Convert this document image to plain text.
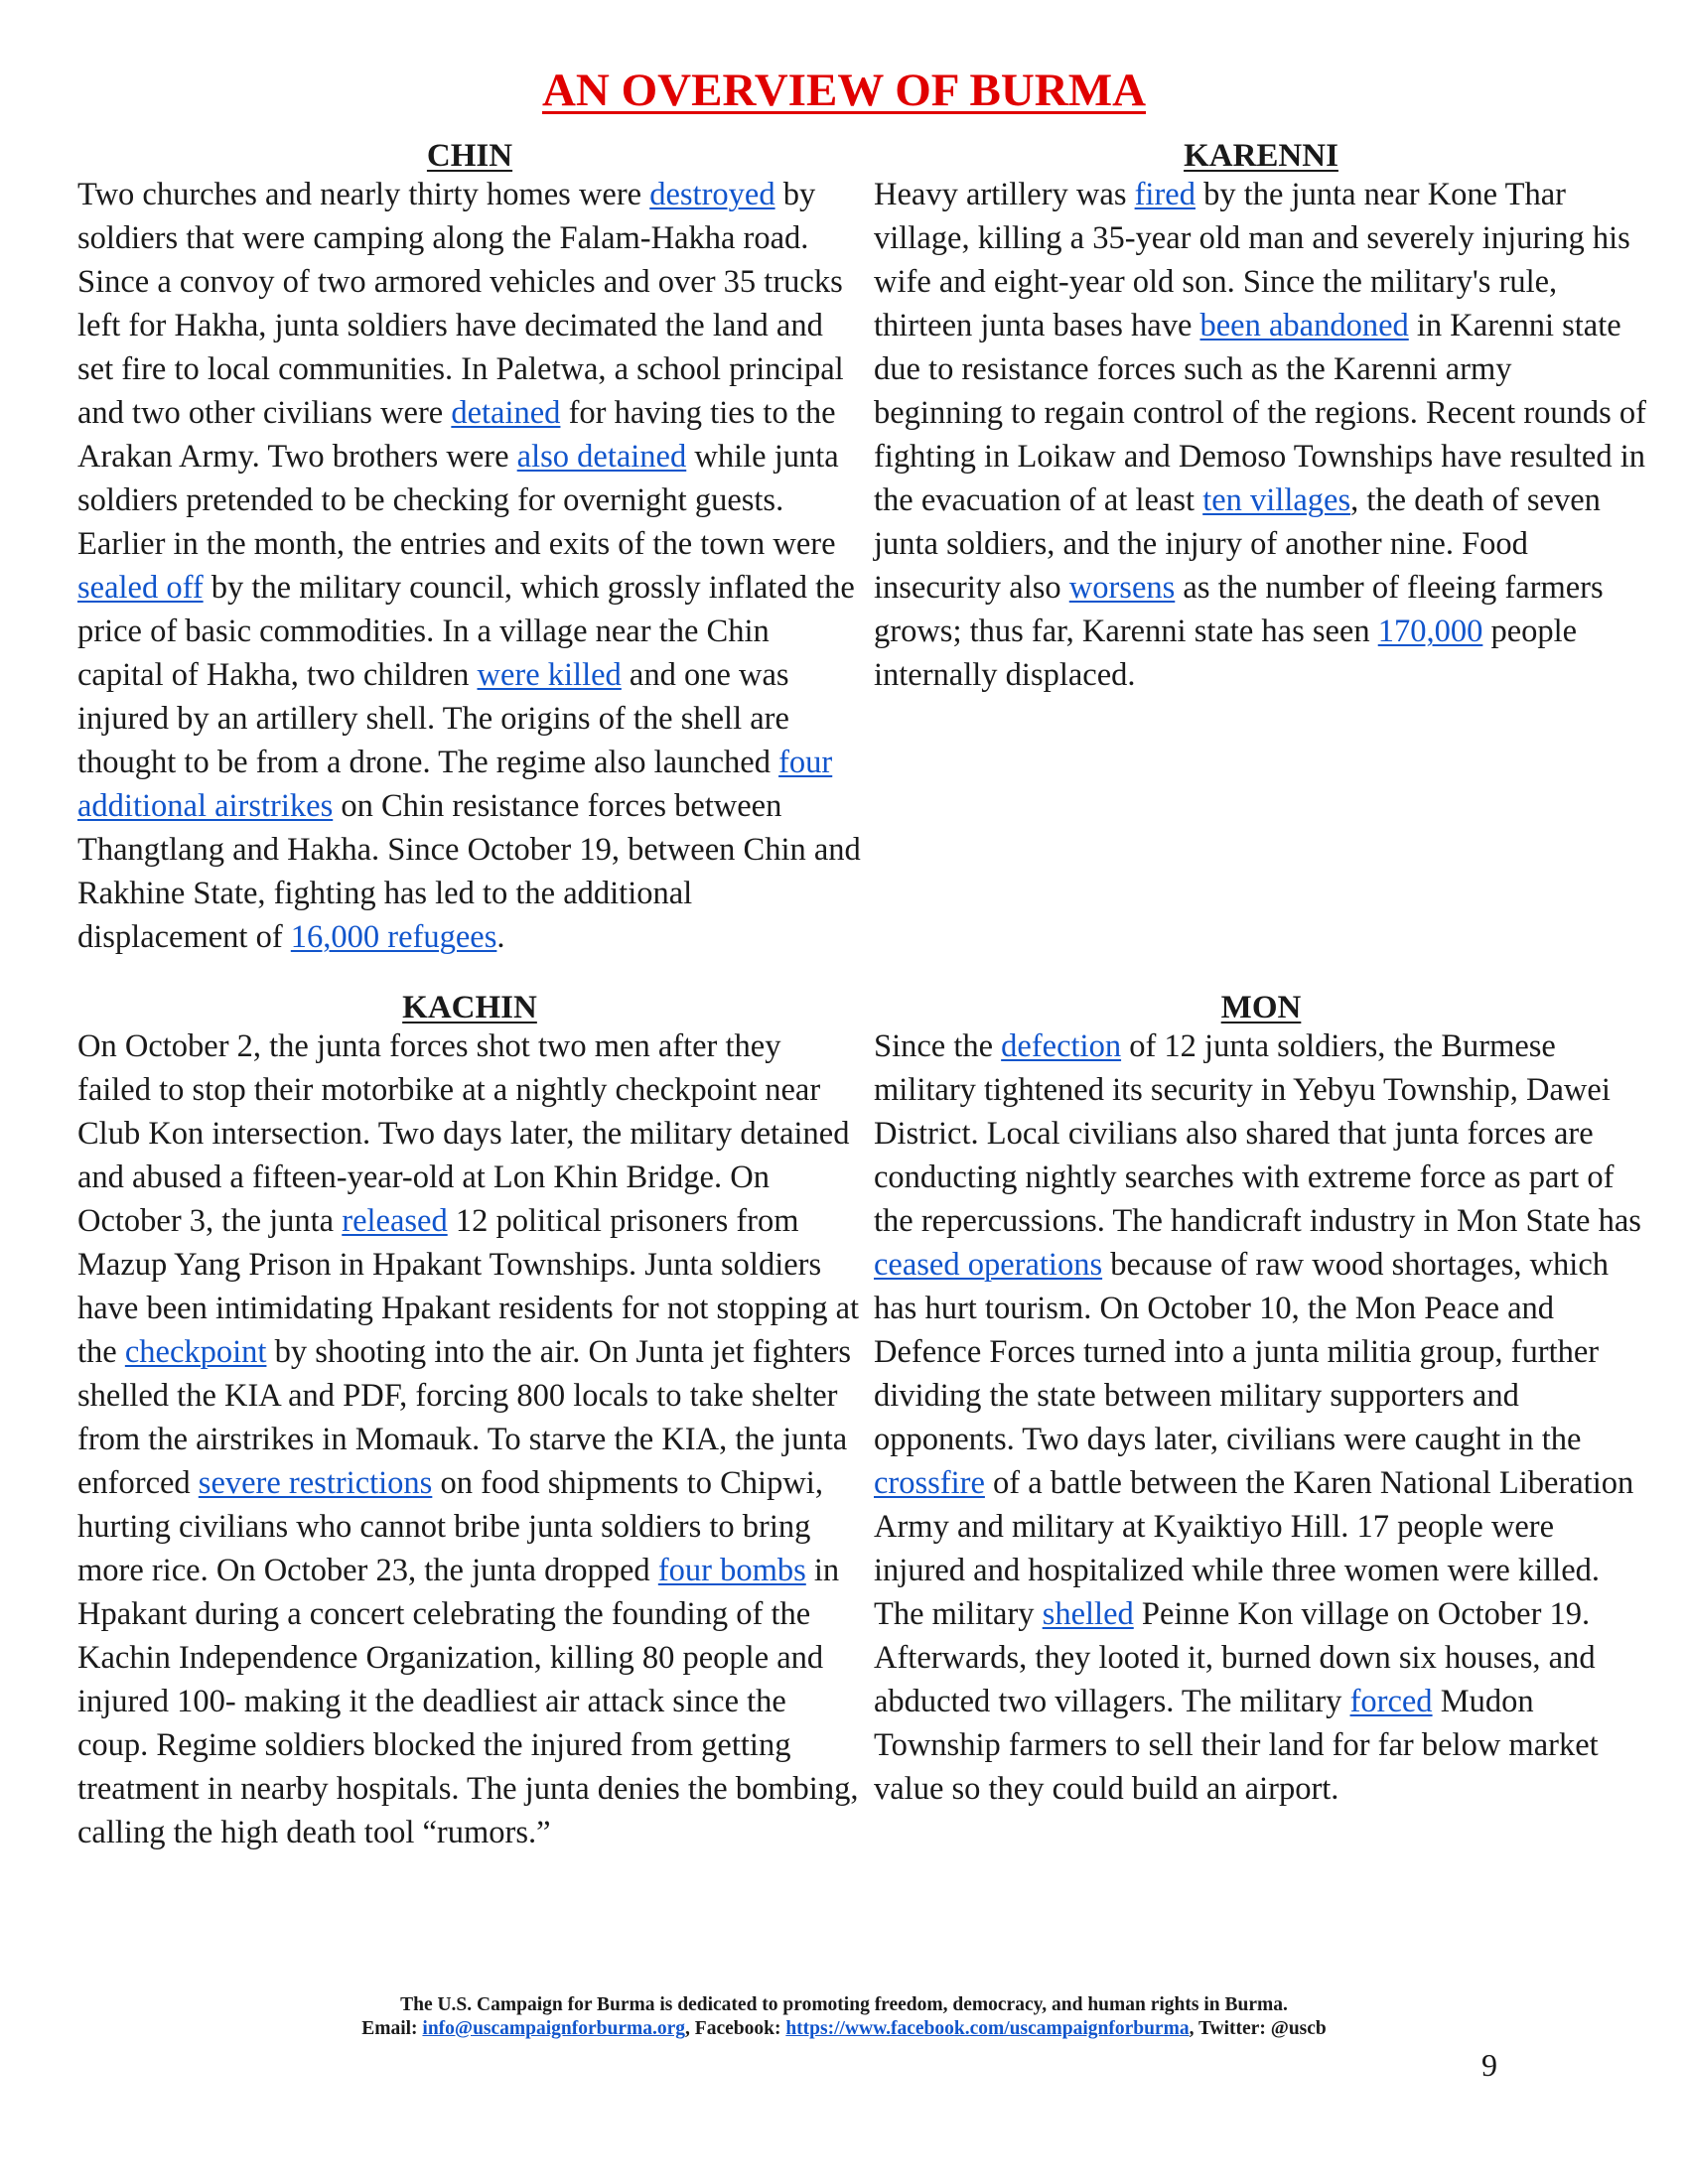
AN OVERVIEW OF BURMA
CHIN
Two churches and nearly thirty homes were destroyed by soldiers that were camping along the Falam-Hakha road. Since a convoy of two armored vehicles and over 35 trucks left for Hakha, junta soldiers have decimated the land and set fire to local communities. In Paletwa, a school principal and two other civilians were detained for having ties to the Arakan Army. Two brothers were also detained while junta soldiers pretended to be checking for overnight guests. Earlier in the month, the entries and exits of the town were sealed off by the military council, which grossly inflated the price of basic commodities. In a village near the Chin capital of Hakha, two children were killed and one was injured by an artillery shell. The origins of the shell are thought to be from a drone. The regime also launched four additional airstrikes on Chin resistance forces between Thangtlang and Hakha. Since October 19, between Chin and Rakhine State, fighting has led to the additional displacement of 16,000 refugees.
KARENNI
Heavy artillery was fired by the junta near Kone Thar village, killing a 35-year old man and severely injuring his wife and eight-year old son. Since the military's rule, thirteen junta bases have been abandoned in Karenni state due to resistance forces such as the Karenni army beginning to regain control of the regions. Recent rounds of fighting in Loikaw and Demoso Townships have resulted in the evacuation of at least ten villages, the death of seven junta soldiers, and the injury of another nine. Food insecurity also worsens as the number of fleeing farmers grows; thus far, Karenni state has seen 170,000 people internally displaced.
KACHIN
On October 2, the junta forces shot two men after they failed to stop their motorbike at a nightly checkpoint near Club Kon intersection. Two days later, the military detained and abused a fifteen-year-old at Lon Khin Bridge. On October 3, the junta released 12 political prisoners from Mazup Yang Prison in Hpakant Townships. Junta soldiers have been intimidating Hpakant residents for not stopping at the checkpoint by shooting into the air. On Junta jet fighters shelled the KIA and PDF, forcing 800 locals to take shelter from the airstrikes in Momauk. To starve the KIA, the junta enforced severe restrictions on food shipments to Chipwi, hurting civilians who cannot bribe junta soldiers to bring more rice. On October 23, the junta dropped four bombs in Hpakant during a concert celebrating the founding of the Kachin Independence Organization, killing 80 people and injured 100- making it the deadliest air attack since the coup. Regime soldiers blocked the injured from getting treatment in nearby hospitals. The junta denies the bombing, calling the high death tool “rumors.”
MON
Since the defection of 12 junta soldiers, the Burmese military tightened its security in Yebyu Township, Dawei District. Local civilians also shared that junta forces are conducting nightly searches with extreme force as part of the repercussions. The handicraft industry in Mon State has ceased operations because of raw wood shortages, which has hurt tourism. On October 10, the Mon Peace and Defence Forces turned into a junta militia group, further dividing the state between military supporters and opponents. Two days later, civilians were caught in the crossfire of a battle between the Karen National Liberation Army and military at Kyaiktiyo Hill. 17 people were injured and hospitalized while three women were killed. The military shelled Peinne Kon village on October 19. Afterwards, they looted it, burned down six houses, and abducted two villagers. The military forced Mudon Township farmers to sell their land for far below market value so they could build an airport.
The U.S. Campaign for Burma is dedicated to promoting freedom, democracy, and human rights in Burma.
Email: info@uscampaignforburma.org, Facebook: https://www.facebook.com/uscampaignforburma, Twitter: @uscb
9
